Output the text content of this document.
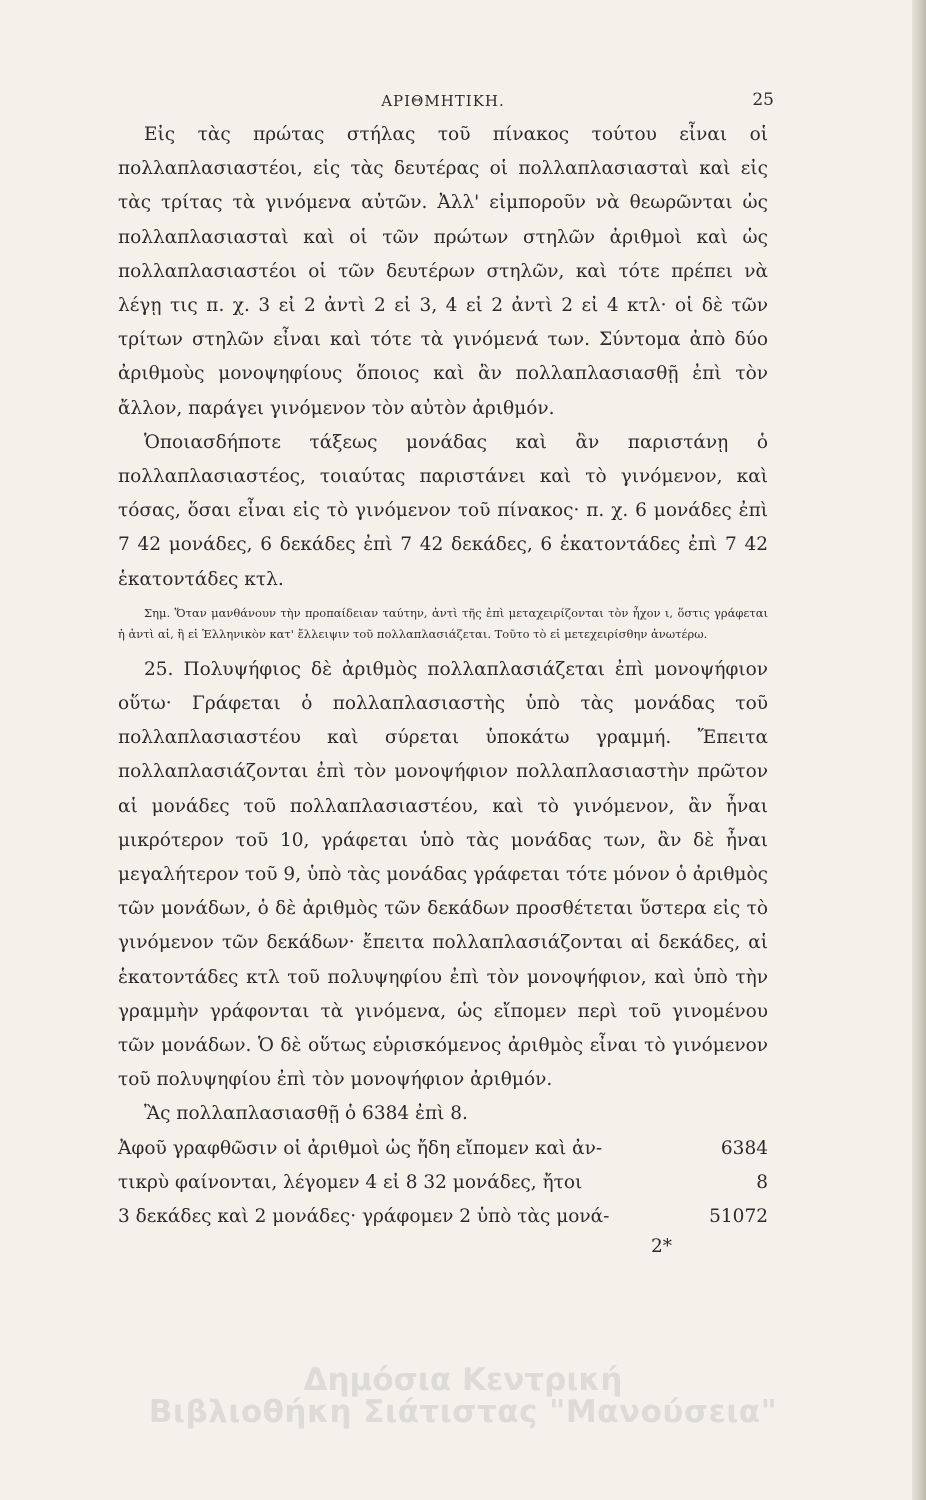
ΑΡΙΘΜΗΤΙΚΗ.	25

Εἰς τὰς πρώτας στήλας τοῦ πίνακος τούτου εἶναι οἱ πολλαπλασιαστέοι, εἰς τὰς δευτέρας οἱ πολλαπλασιασταὶ καὶ εἰς τὰς τρίτας τὰ γινόμενα αὐτῶν. Ἀλλ' εἰμποροῦν νὰ θεωρῶνται ὡς πολλαπλασιασταὶ καὶ οἱ τῶν πρώτων στηλῶν ἀριθμοὶ καὶ ὡς πολλαπλασιαστέοι οἱ τῶν δευτέρων στηλῶν, καὶ τότε πρέπει νὰ λέγῃ τις π. χ. 3 εἰ 2 ἀντὶ 2 εἰ 3, 4 εἰ 2 ἀντὶ 2 εἰ 4 κτλ· οἱ δὲ τῶν τρίτων στηλῶν εἶναι καὶ τότε τὰ γινόμενά των. Σύντομα ἀπὸ δύο ἀριθμοὺς μονοψηφίους ὅποιος καὶ ἂν πολλαπλασιασθῇ ἐπὶ τὸν ἄλλον, παράγει γινόμενον τὸν αὐτὸν ἀριθμόν.

Ὁποιασδήποτε τάξεως μονάδας καὶ ἂν παριστάνῃ ὁ πολλαπλασιαστέος, τοιαύτας παριστάνει καὶ τὸ γινόμενον, καὶ τόσας, ὅσαι εἶναι εἰς τὸ γινόμενον τοῦ πίνακος· π. χ. 6 μονάδες ἐπὶ 7 42 μονάδες, 6 δεκάδες ἐπὶ 7 42 δεκάδες, 6 ἑκατοντάδες ἐπὶ 7 42 ἑκατοντάδες κτλ.

Σημ. Ὅταν μανθάνουν τὴν προπαίδειαν ταύτην, ἀντὶ τῆς ἐπὶ μεταχειρίζονται τὸν ἦχον ι, ὅστις γράφεται ἡ ἀντὶ αἰ, ἢ εἰ Ἑλληνικὸν κατ' ἔλλειψιν τοῦ πολλαπλασιάζεται. Τοῦτο τὸ εἰ μετεχειρίσθην ἀνωτέρω.

25. Πολυψήφιος δὲ ἀριθμὸς πολλαπλασιάζεται ἐπὶ μονοψήφιον οὕτω· Γράφεται ὁ πολλαπλασιαστὴς ὑπὸ τὰς μονάδας τοῦ πολλαπλασιαστέου καὶ σύρεται ὑποκάτω γραμμή. Ἔπειτα πολλαπλασιάζονται ἐπὶ τὸν μονοψήφιον πολλαπλασιαστὴν πρῶτον αἱ μονάδες τοῦ πολλαπλασιαστέου, καὶ τὸ γινόμενον, ἂν ἦναι μικρότερον τοῦ 10, γράφεται ὑπὸ τὰς μονάδας των, ἂν δὲ ἦναι μεγαλήτερον τοῦ 9, ὑπὸ τὰς μονάδας γράφεται τότε μόνον ὁ ἀριθμὸς τῶν μονάδων, ὁ δὲ ἀριθμὸς τῶν δεκάδων προσθέτεται ὕστερα εἰς τὸ γινόμενον τῶν δεκάδων· ἔπειτα πολλαπλασιάζονται αἱ δεκάδες, αἱ ἑκατοντάδες κτλ τοῦ πολυψηφίου ἐπὶ τὸν μονοψήφιον, καὶ ὑπὸ τὴν γραμμὴν γράφονται τὰ γινόμενα, ὡς εἴπομεν περὶ τοῦ γινομένου τῶν μονάδων. Ὁ δὲ οὕτως εὑρισκόμενος ἀριθμὸς εἶναι τὸ γινόμενον τοῦ πολυψηφίου ἐπὶ τὸν μονοψήφιον ἀριθμόν.

Ἂς πολλαπλασιασθῇ ὁ 6384 ἐπὶ 8.

Ἀφοῦ γραφθῶσιν οἱ ἀριθμοὶ ὡς ἤδη εἴπομεν καὶ ἀν-	6384
τικρὺ φαίνονται, λέγομεν 4 εἰ 8 32 μονάδες, ἤτοι	8
3 δεκάδες καὶ 2 μονάδες· γράφομεν 2 ὑπὸ τὰς μονά-	51072
2*
Δημόσια Κεντρική
Βιβλιοθήκη Σιάτιστας "Μανούσεια"
